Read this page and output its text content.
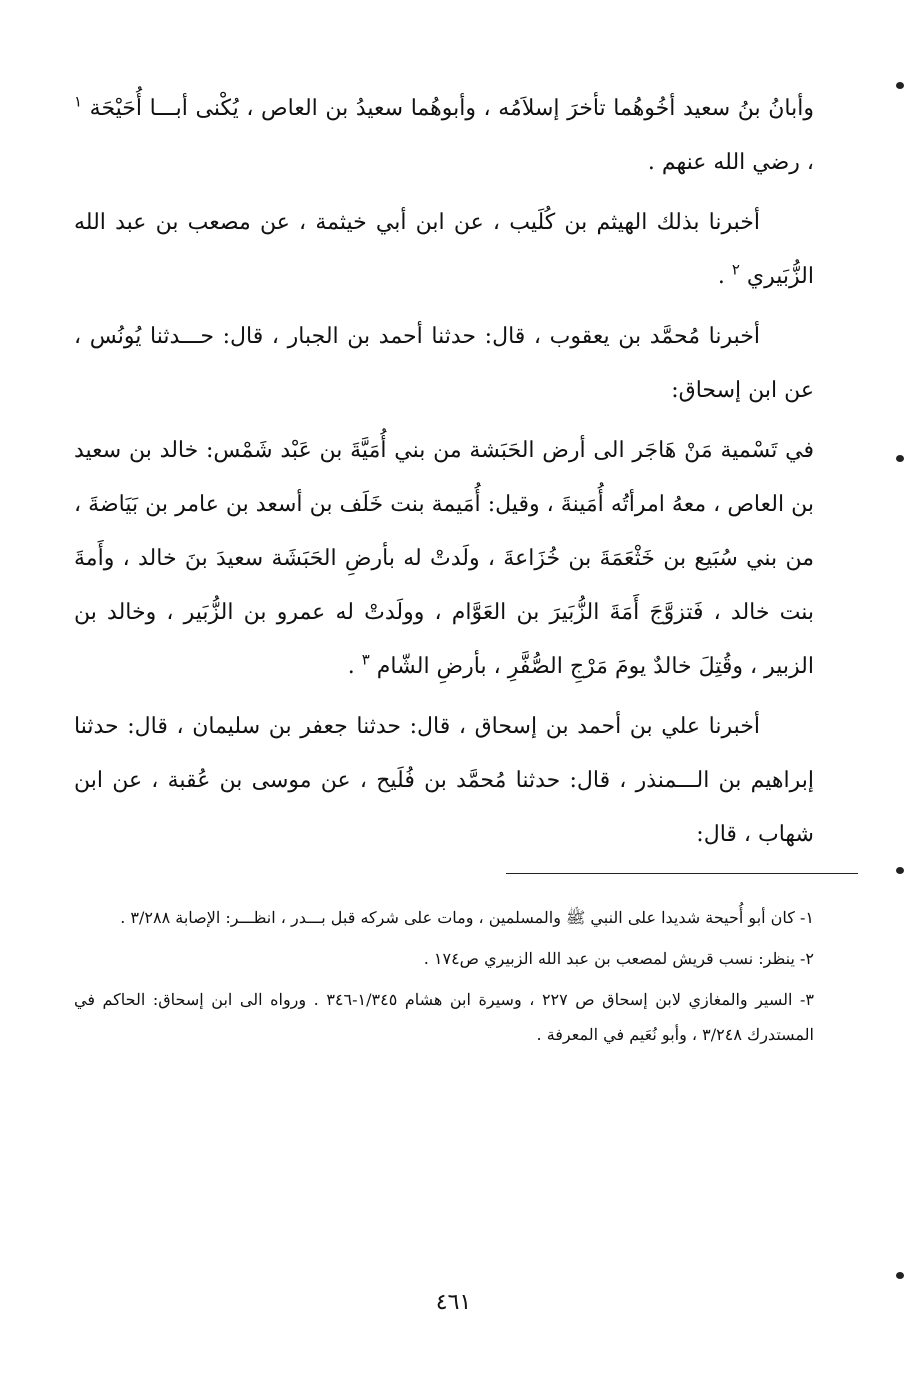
وأبانُ بنُ سعيد أخُوهُما تأخرَ إسلاَمُه ، وأبوهُما سعيدُ بن العاص ، يُكْنى أبـــا أُحَيْحَة $^١$ ، رضي الله عنهم .

أخبرنا بذلك الهيثم بن كُلَيب ، عن ابن أبي خيثمة ، عن مصعب بن عبد الله الزُّبَيري $^٢$ .

أخبرنا مُحمَّد بن يعقوب ، قال: حدثنا أحمد بن الجبار ، قال: حـــدثنا يُونُس ، عن ابن إسحاق:

في تَسْمية مَنْ هَاجَر الى أرض الحَبَشة من بني أُمَيَّةَ بن عَبْد شَمْس: خالد بن سعيد بن العاص ، معهُ امرأتُه أُمَينةَ ، وقيل: أُمَيمة بنت خَلَف بن أسعد بن عامر بن بَيَاضةَ ، من بني سُبَيع بن خَثْعَمَةَ بن خُزَاعةَ ، ولَدتْ له بأرضِ الحَبَشَة سعيدَ بنَ خالد ، وأَمةَ بنت خالد ، فَتزوَّجَ أَمَةَ الزُّبَيرَ بن العَوَّام ، وولَدتْ له عمرو بن الزُّبَير ، وخالد بن الزبير ، وقُتِلَ خالدٌ يومَ مَرْجِ الصُّفَّرِ ، بأرضِ الشّام $^٣$ .

أخبرنا علي بن أحمد بن إسحاق ، قال: حدثنا جعفر بن سليمان ، قال: حدثنا إبراهيم بن الـــمنذر ، قال: حدثنا مُحمَّد بن فُلَيح ، عن موسى بن عُقبة ، عن ابن شهاب ، قال:

١- كان أبو أُحيحة شديدا على النبي ﷺ والمسلمين ، ومات على شركه قبل بـــدر ، انظـــر: الإصابة ٣/٢٨٨ .

٢- ينظر: نسب قريش لمصعب بن عبد الله الزبيري ص١٧٤ .

٣- السير والمغازي لابن إسحاق ص ٢٢٧ ، وسيرة ابن هشام ١/٣٤٥-٣٤٦ . ورواه الى ابن إسحاق: الحاكم في المستدرك ٣/٢٤٨ ، وأبو نُعَيم في المعرفة .

٤٦١
